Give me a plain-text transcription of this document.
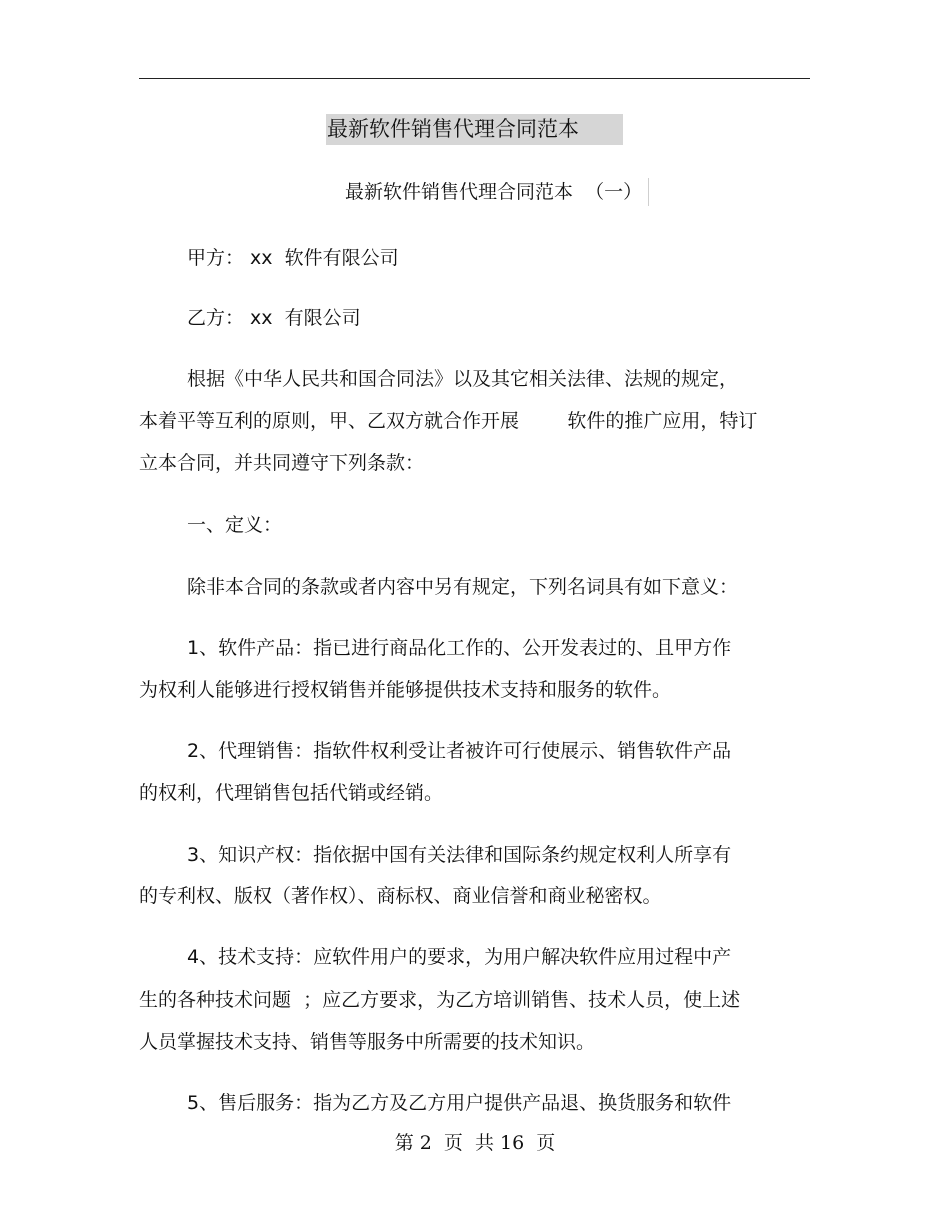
最新软件销售代理合同范本
最新软件销售代理合同范本  （一）
甲方： xx  软件有限公司
乙方： xx  有限公司
根据《中华人民共和国合同法》以及其它相关法律、法规的规定，
本着平等互利的原则，甲、乙双方就合作开展        软件的推广应用，特订
立本合同，并共同遵守下列条款：
一、定义：
除非本合同的条款或者内容中另有规定，下列名词具有如下意义：
1、软件产品：指已进行商品化工作的、公开发表过的、且甲方作
为权利人能够进行授权销售并能够提供技术支持和服务的软件。
2、代理销售：指软件权利受让者被许可行使展示、销售软件产品
的权利，代理销售包括代销或经销。
3、知识产权：指依据中国有关法律和国际条约规定权利人所享有
的专利权、版权（著作权）、商标权、商业信誉和商业秘密权。
4、技术支持：应软件用户的要求，为用户解决软件应用过程中产
生的各种技术问题  ；应乙方要求，为乙方培训销售、技术人员，使上述
人员掌握技术支持、销售等服务中所需要的技术知识。
5、售后服务：指为乙方及乙方用户提供产品退、换货服务和软件
第 2  页  共 16  页
